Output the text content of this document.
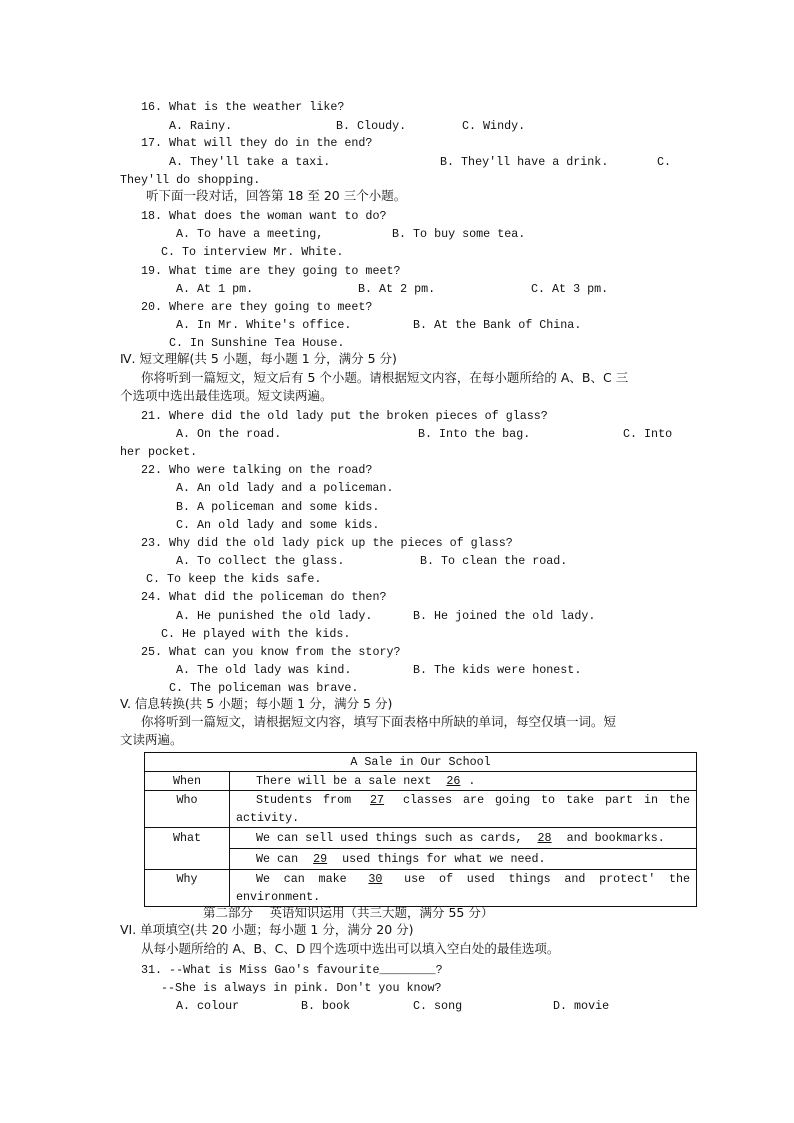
16. What is the weather like?
A. Rainy.	B. Cloudy.	C. Windy.
17. What will they do in the end?
A. They'll take a taxi.	B. They'll have a drink.	C.
They'll do shopping.
听下面一段对话，回答第 18 至 20 三个小题。
18. What does the woman want to do?
A. To have a meeting,	B. To buy some tea.
C. To interview Mr. White.
19. What time are they going to meet?
A. At 1 pm.	B. At 2 pm.	C. At 3 pm.
20. Where are they going to meet?
A. In Mr. White's office.	B. At the Bank of China.
C. In Sunshine Tea House.
Ⅳ. 短文理解(共 5 小题，每小题 1 分，满分 5 分)
你将听到一篇短文，短文后有 5 个小题。请根据短文内容，在每小题所给的 A、B、C 三
个选项中选出最佳选项。短文读两遍。
21. Where did the old lady put the broken pieces of glass?
A. On the road.	B. Into the bag.	C. Into
her pocket.
22. Who were talking on the road?
A. An old lady and a policeman.
B. A policeman and some kids.
C. An old lady and some kids.
23. Why did the old lady pick up the pieces of glass?
A. To collect the glass.	B. To clean the road.
C. To keep the kids safe.
24. What did the policeman do then?
A. He punished the old lady.	B. He joined the old lady.
C. He played with the kids.
25. What can you know from the story?
A. The old lady was kind.	B. The kids were honest.
C. The policeman was brave.
V. 信息转换(共 5 小题；每小题 1 分，满分 5 分)
你将听到一篇短文，请根据短文内容，填写下面表格中所缺的单词，每空仅填一词。短
文读两遍。
A Sale in Our School	
When	There will be a sale next 26 .
Who	Students from 27 classes are going to take part in the activity.
What	We can sell used things such as cards, 28 and bookmarks.
	We can 29 used things for what we need.
Why	We can make 30 use of used things and protect' the environment.
第二部分　 英语知识运用（共三大题，满分 55 分）
VI. 单项填空(共 20 小题；每小题 1 分，满分 20 分)
从每小题所给的 A、B、C、D 四个选项中选出可以填入空白处的最佳选项。
31. --What is Miss Gao's favourite________?
--She is always in pink. Don't you know?
A. colour	B. book	C. song	D. movie
